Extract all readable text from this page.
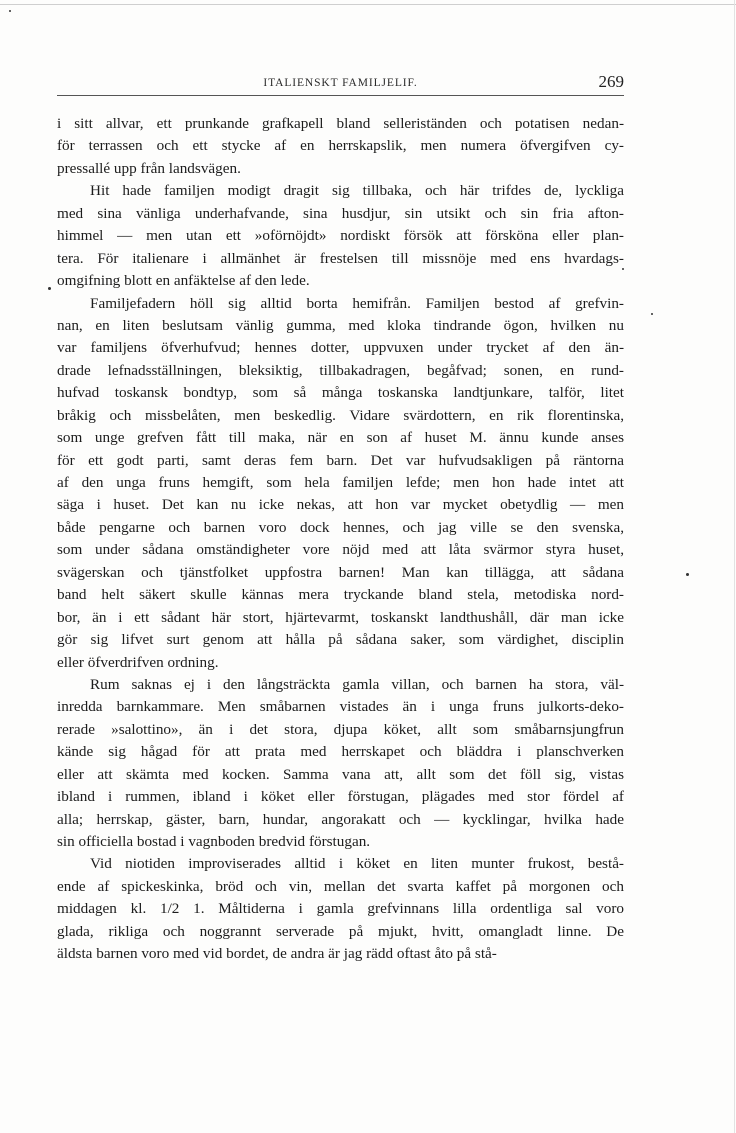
ITALIENSKT FAMILJELIF.	269
i sitt allvar, ett prunkande grafkapell bland selleriständen och potatisen nedan-
för terrassen och ett stycke af en herrskapslik, men numera öfvergifven cy-
pressallé upp från landsvägen.
Hit hade familjen modigt dragit sig tillbaka, och här trifdes de, lyckliga
med sina vänliga underhafvande, sina husdjur, sin utsikt och sin fria afton-
himmel — men utan ett »oförnöjdt» nordiskt försök att försköna eller plan-
tera. För italienare i allmänhet är frestelsen till missnöje med ens hvardags-
omgifning blott en anfäktelse af den lede.
Familjefadern höll sig alltid borta hemifrån. Familjen bestod af grefvin-
nan, en liten beslutsam vänlig gumma, med kloka tindrande ögon, hvilken nu
var familjens öfverhufvud; hennes dotter, uppvuxen under trycket af den än-
drade lefnadsställningen, bleksiktig, tillbakadragen, begåfvad; sonen, en rund-
hufvad toskansk bondtyp, som så många toskanska landtjunkare, talför, litet
bråkig och missbelåten, men beskedlig. Vidare svärdottern, en rik florentinska,
som unge grefven fått till maka, när en son af huset M. ännu kunde anses
för ett godt parti, samt deras fem barn. Det var hufvudsakligen på räntorna
af den unga fruns hemgift, som hela familjen lefde; men hon hade intet att
säga i huset. Det kan nu icke nekas, att hon var mycket obetydlig — men
både pengarne och barnen voro dock hennes, och jag ville se den svenska,
som under sådana omständigheter vore nöjd med att låta svärmor styra huset,
svägerskan och tjänstfolket uppfostra barnen! Man kan tillägga, att sådana
band helt säkert skulle kännas mera tryckande bland stela, metodiska nord-
bor, än i ett sådant här stort, hjärtevarmt, toskanskt landthushåll, där man icke
gör sig lifvet surt genom att hålla på sådana saker, som värdighet, disciplin
eller öfverdrifven ordning.
Rum saknas ej i den långsträckta gamla villan, och barnen ha stora, väl-
inredda barnkammare. Men småbarnen vistades än i unga fruns julkorts-deko-
rerade »salottino», än i det stora, djupa köket, allt som småbarnsjungfrun
kände sig hågad för att prata med herrskapet och bläddra i planschverken
eller att skämta med kocken. Samma vana att, allt som det föll sig, vistas
ibland i rummen, ibland i köket eller förstugan, plägades med stor fördel af
alla; herrskap, gäster, barn, hundar, angorakatt och — kycklingar, hvilka hade
sin officiella bostad i vagnboden bredvid förstugan.
Vid niotiden improviserades alltid i köket en liten munter frukost, bestå-
ende af spickeskinka, bröd och vin, mellan det svarta kaffet på morgonen och
middagen kl. 1/2 1. Måltiderna i gamla grefvinnans lilla ordentliga sal voro
glada, rikliga och noggrannt serverade på mjukt, hvitt, omangladt linne. De
äldsta barnen voro med vid bordet, de andra är jag rädd oftast åto på stå-
